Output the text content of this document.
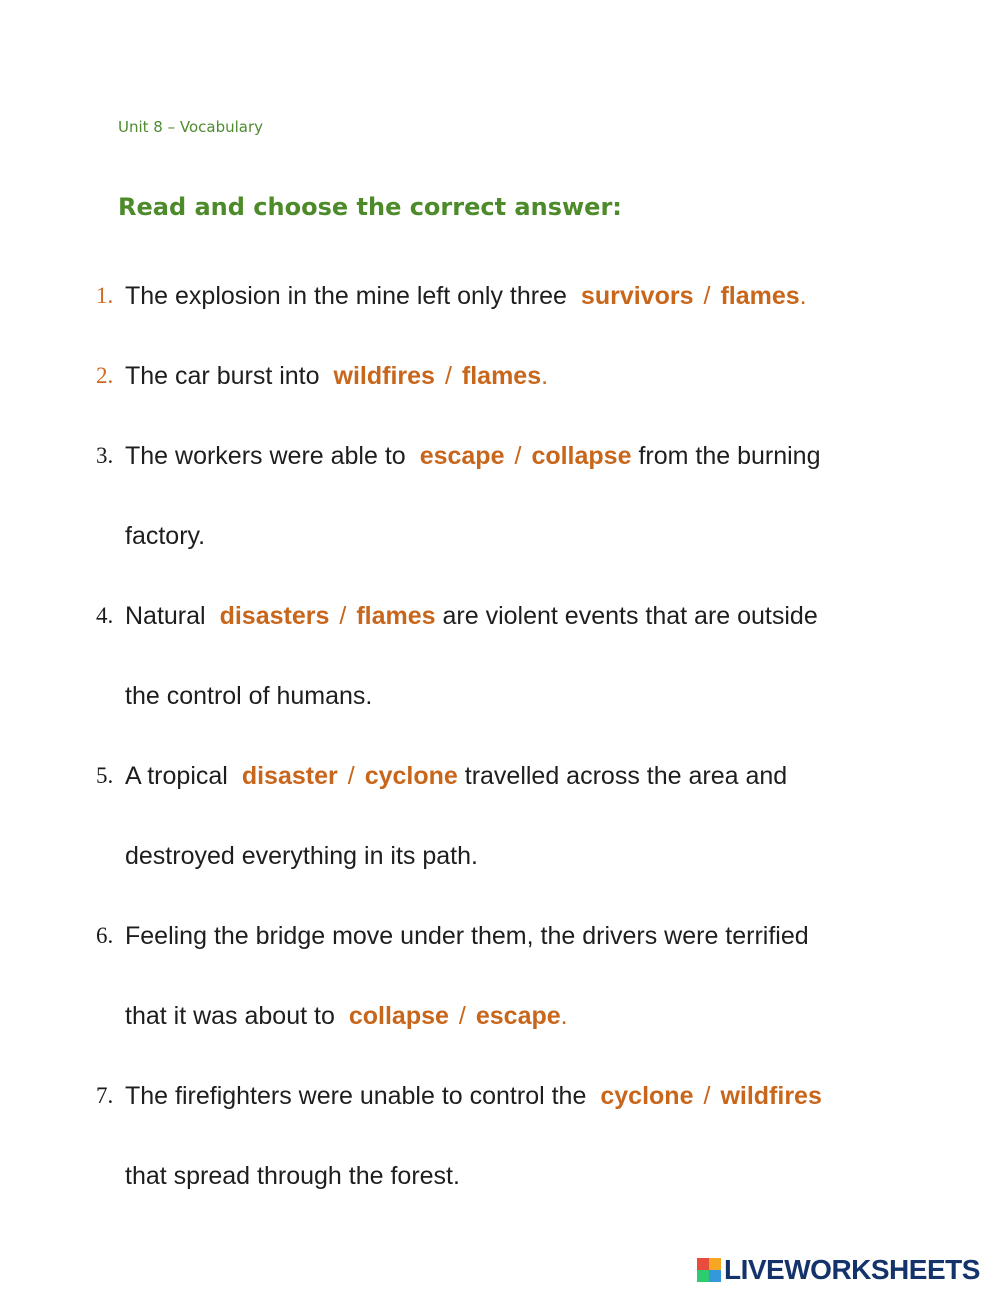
Unit 8 – Vocabulary
Read and choose the correct answer:
1. The explosion in the mine left only three survivors / flames.
2. The car burst into wildfires / flames.
3. The workers were able to escape / collapse from the burning
factory.
4. Natural disasters / flames are violent events that are outside
the control of humans.
5. A tropical disaster / cyclone travelled across the area and
destroyed everything in its path.
6. Feeling the bridge move under them, the drivers were terrified
that it was about to collapse / escape.
7. The firefighters were unable to control the cyclone / wildfires
that spread through the forest.
LIVEWORKSHEETS
